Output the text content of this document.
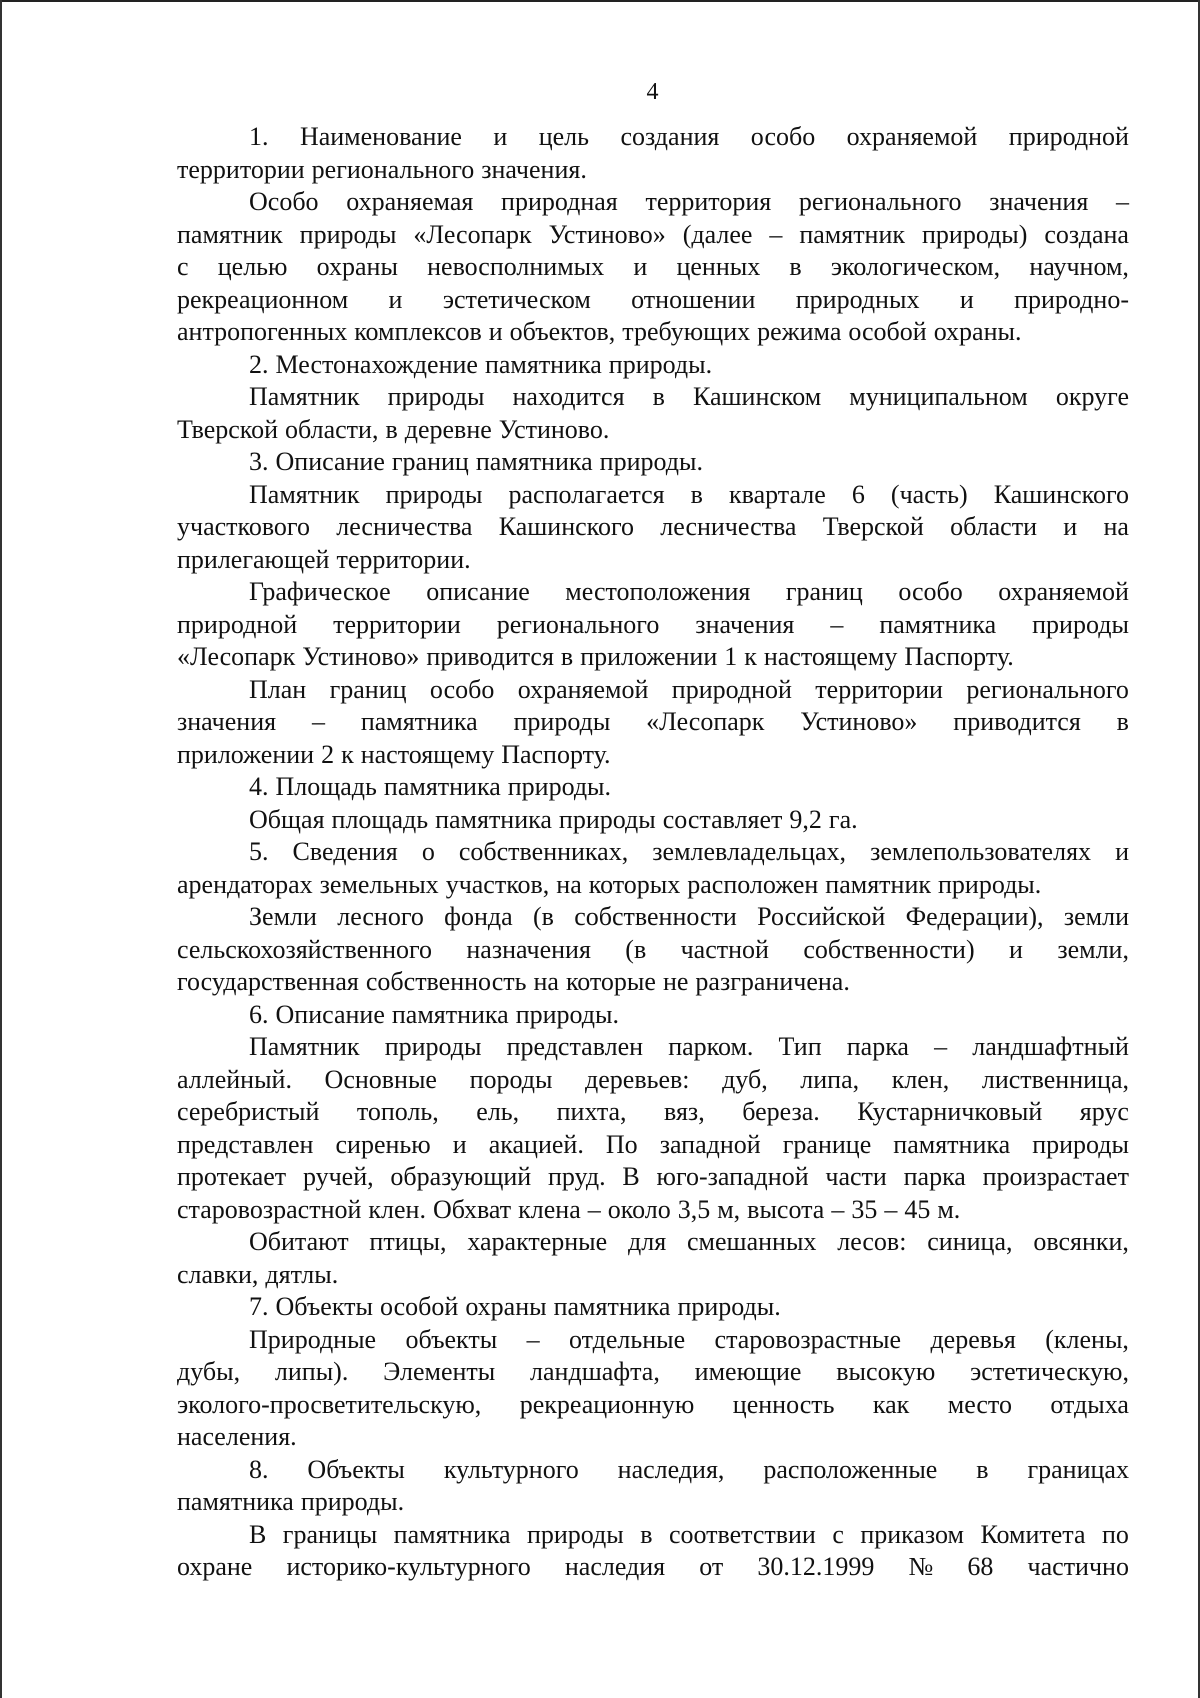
4
1. Наименование и цель создания особо охраняемой природной
территории регионального значения.
Особо охраняемая природная территория регионального значения –
памятник природы «Лесопарк Устиново» (далее – памятник природы) создана
с целью охраны невосполнимых и ценных в экологическом, научном,
рекреационном и эстетическом отношении природных и природно-
антропогенных комплексов и объектов, требующих режима особой охраны.
2. Местонахождение памятника природы.
Памятник природы находится в Кашинском муниципальном округе
Тверской области, в деревне Устиново.
3. Описание границ памятника природы.
Памятник природы располагается в квартале 6 (часть) Кашинского
участкового лесничества Кашинского лесничества Тверской области и на
прилегающей территории.
Графическое описание местоположения границ особо охраняемой
природной территории регионального значения – памятника природы
«Лесопарк Устиново» приводится в приложении 1 к настоящему Паспорту.
План границ особо охраняемой природной территории регионального
значения – памятника природы «Лесопарк Устиново» приводится в
приложении 2 к настоящему Паспорту.
4. Площадь памятника природы.
Общая площадь памятника природы составляет 9,2 га.
5. Сведения о собственниках, землевладельцах, землепользователях и
арендаторах земельных участков, на которых расположен памятник природы.
Земли лесного фонда (в собственности Российской Федерации), земли
сельскохозяйственного назначения (в частной собственности) и земли,
государственная собственность на которые не разграничена.
6. Описание памятника природы.
Памятник природы представлен парком. Тип парка – ландшафтный
аллейный. Основные породы деревьев: дуб, липа, клен, лиственница,
серебристый тополь, ель, пихта, вяз, береза. Кустарничковый ярус
представлен сиренью и акацией. По западной границе памятника природы
протекает ручей, образующий пруд. В юго-западной части парка произрастает
старовозрастной клен. Обхват клена – около 3,5 м, высота – 35 – 45 м.
Обитают птицы, характерные для смешанных лесов: синица, овсянки,
славки, дятлы.
7. Объекты особой охраны памятника природы.
Природные объекты – отдельные старовозрастные деревья (клены,
дубы, липы). Элементы ландшафта, имеющие высокую эстетическую,
эколого-просветительскую, рекреационную ценность как место отдыха
населения.
8. Объекты культурного наследия, расположенные в границах
памятника природы.
В границы памятника природы в соответствии с приказом Комитета по
охране историко-культурного наследия от 30.12.1999 № 68 частично
